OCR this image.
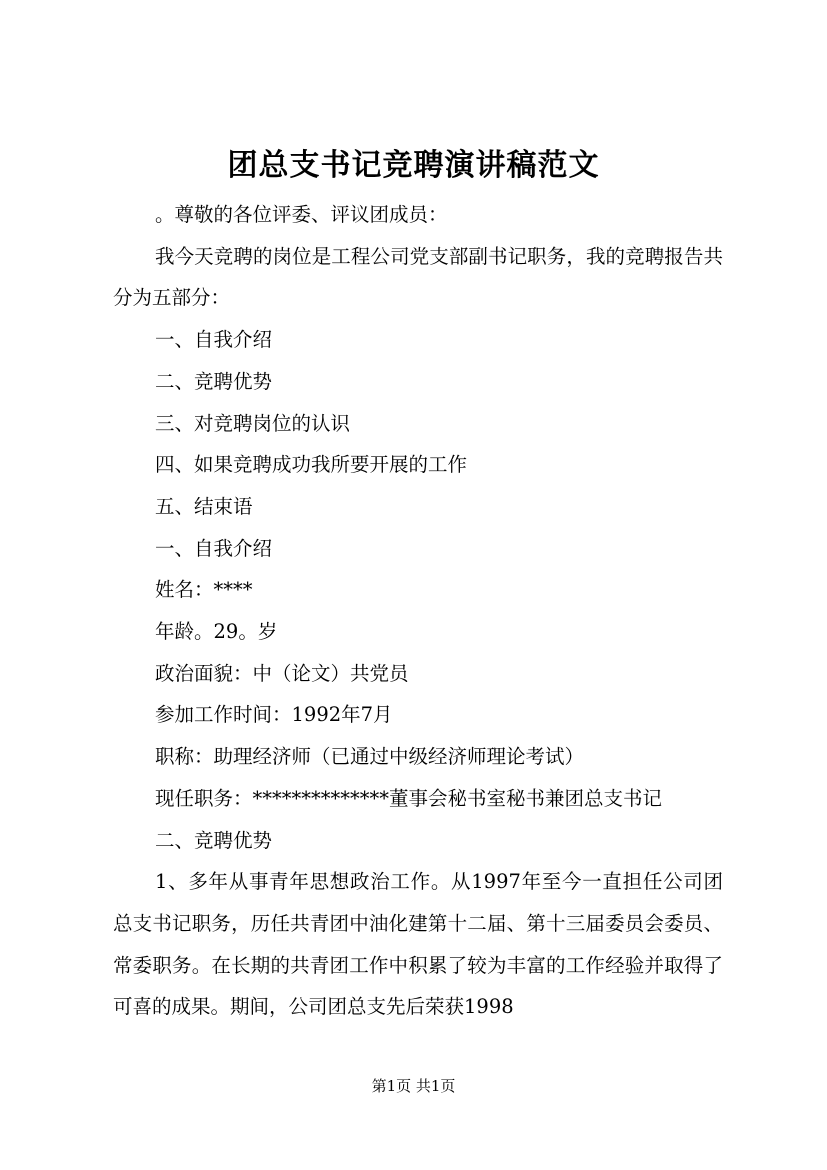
团总支书记竞聘演讲稿范文

。尊敬的各位评委、评议团成员：

我今天竞聘的岗位是工程公司党支部副书记职务，我的竞聘报告共分为五部分：

一、自我介绍

二、竞聘优势

三、对竞聘岗位的认识

四、如果竞聘成功我所要开展的工作

五、结束语

一、自我介绍

姓名：****

年龄。29。岁

政治面貌：中（论文）共党员

参加工作时间：1992年7月

职称：助理经济师（已通过中级经济师理论考试）

现任职务：**************董事会秘书室秘书兼团总支书记

二、竞聘优势

1、多年从事青年思想政治工作。从1997年至今一直担任公司团总支书记职务，历任共青团中油化建第十二届、第十三届委员会委员、常委职务。在长期的共青团工作中积累了较为丰富的工作经验并取得了可喜的成果。期间，公司团总支先后荣获1998

第1页 共1页
